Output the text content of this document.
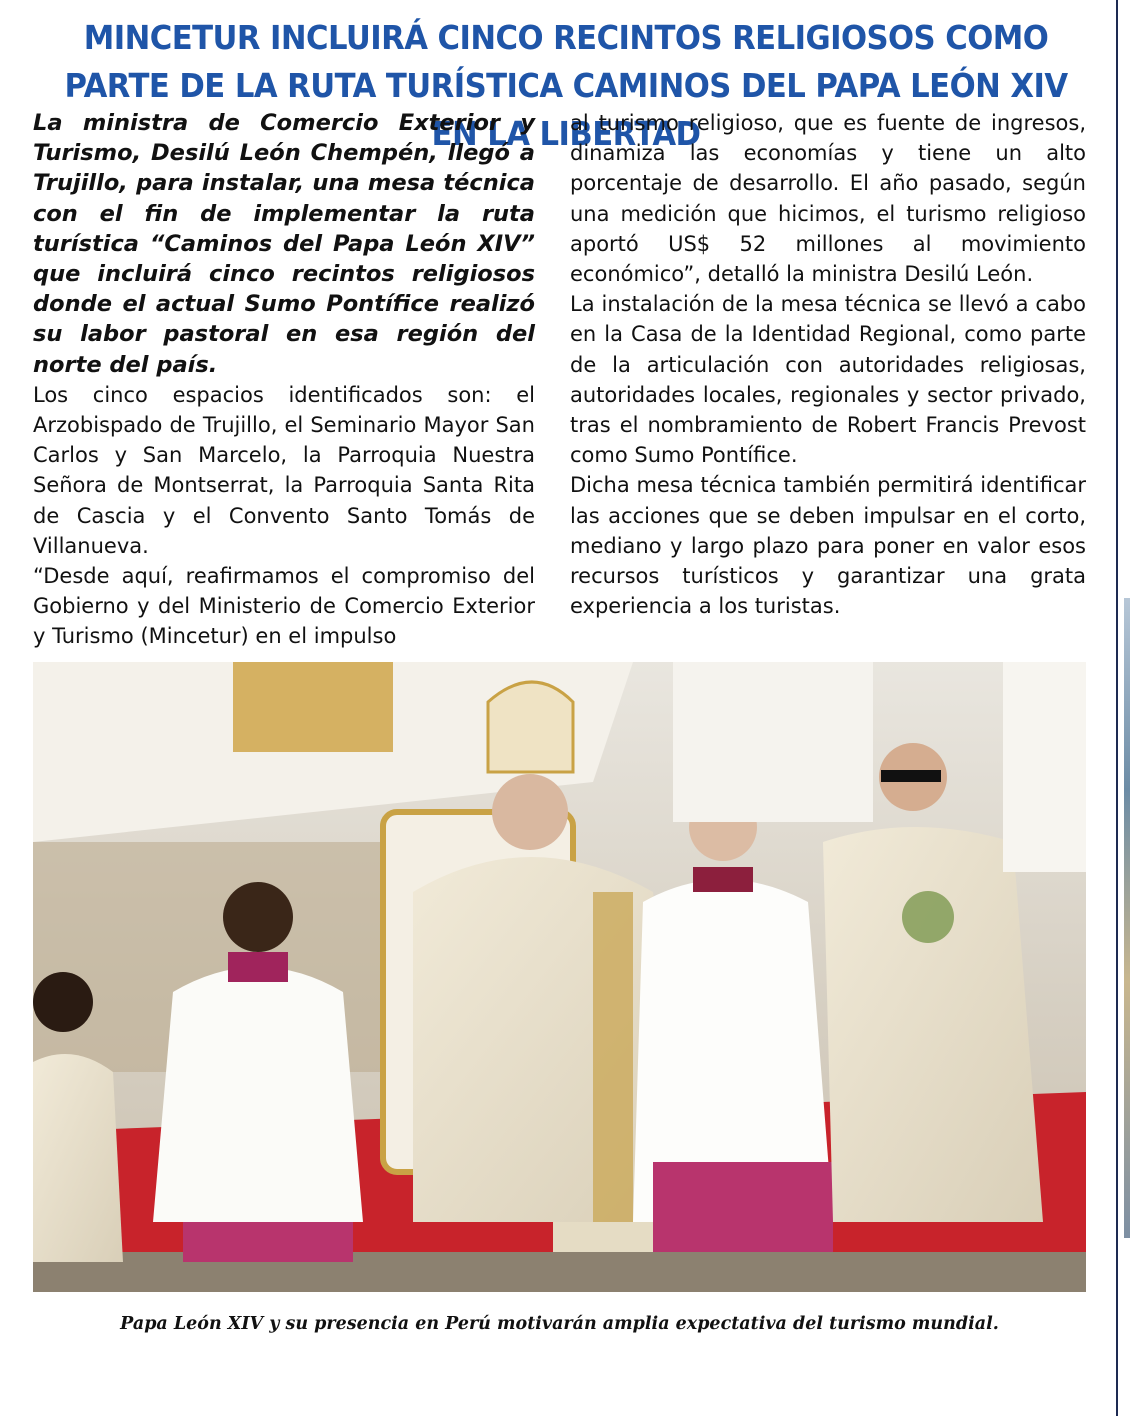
MINCETUR INCLUIRÁ CINCO RECINTOS RELIGIOSOS COMO PARTE DE LA RUTA TURÍSTICA CAMINOS DEL PAPA LEÓN XIV EN LA LIBERTAD

La ministra de Comercio Exterior y Turismo, Desilú León Chempén, llegó a Trujillo, para instalar, una mesa técnica con el fin de implementar la ruta turística “Caminos del Papa León XIV” que incluirá cinco recintos religiosos donde el actual Sumo Pontífice realizó su labor pastoral en esa región del norte del país.

Los cinco espacios identificados son: el Arzobispado de Trujillo, el Seminario Mayor San Carlos y San Marcelo, la Parroquia Nuestra Señora de Montserrat, la Parroquia Santa Rita de Cascia y el Convento Santo Tomás de Villanueva.

“Desde aquí, reafirmamos el compromiso del Gobierno y del Ministerio de Comercio Exterior y Turismo (Mincetur) en el impulso

al turismo religioso, que es fuente de ingresos, dinamiza las economías y tiene un alto porcentaje de desarrollo. El año pasado, según una medición que hicimos, el turismo religioso aportó US$ 52 millones al movimiento económico”, detalló la ministra Desilú León.

La instalación de la mesa técnica se llevó a cabo en la Casa de la Identidad Regional, como parte de la articulación con autoridades religiosas, autoridades locales, regionales y sector privado, tras el nombramiento de Robert Francis Prevost como Sumo Pontífice.

Dicha mesa técnica también permitirá identificar las acciones que se deben impulsar en el corto, mediano y largo plazo para poner en valor esos recursos turísticos y garantizar una grata experiencia a los turistas.

Papa León XIV y su presencia en Perú motivarán amplia expectativa del turismo mundial.
